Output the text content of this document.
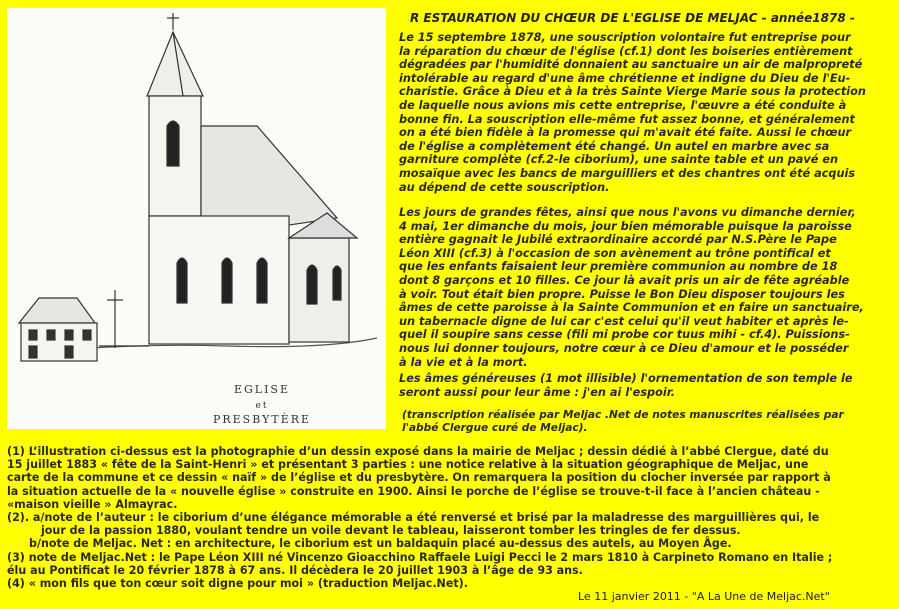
EGLISE
et
PRESBYTÈRE
R ESTAURATION DU CHŒUR DE L'EGLISE DE MELJAC - année1878 -
Le 15 septembre 1878, une souscription volontaire fut entreprise pour
la réparation du chœur de l'église (cf.1) dont les boiseries entièrement
dégradées par l'humidité donnaient au sanctuaire un air de malpropreté
intolérable au regard d'une âme chrétienne et indigne du Dieu de l'Eu-
charistie. Grâce à Dieu et à la très Sainte Vierge Marie sous la protection
de laquelle nous avions mis cette entreprise, l'œuvre a été conduite à
bonne fin. La souscription elle-même fut assez bonne, et généralement
on a été bien fidèle à la promesse qui m'avait été faite. Aussi le chœur
de l'église a complètement été changé. Un autel en marbre avec sa
garniture complète (cf.2-le ciborium), une sainte table et un pavé en
mosaïque avec les bancs de marguilliers et des chantres ont été acquis
au dépend de cette souscription.
Les jours de grandes fêtes, ainsi que nous l'avons vu dimanche dernier,
4 mai, 1er dimanche du mois, jour bien mémorable puisque la paroisse
entière gagnait le Jubilé extraordinaire accordé par N.S.Père le Pape
Léon XIII (cf.3) à l'occasion de son avènement au trône pontifical et
que les enfants faisaient leur première communion au nombre de 18
dont 8 garçons et 10 filles. Ce jour là avait pris un air de fête agréable
à voir. Tout était bien propre. Puisse le Bon Dieu disposer toujours les
âmes de cette paroisse à la Sainte Communion et en faire un sanctuaire,
un tabernacle digne de lui car c'est celui qu'il veut habiter et après le-
quel il soupire sans cesse (fili mi probe cor tuus mihi - cf.4). Puissions-
nous lui donner toujours, notre cœur à ce Dieu d'amour et le posséder
à la vie et à la mort.
Les âmes généreuses (1 mot illisible) l'ornementation de son temple le
seront aussi pour leur âme : j'en ai l'espoir.
(transcription réalisée par Meljac .Net de notes manuscrites réalisées par
l'abbé Clergue curé de Meljac).
(1) L’illustration ci-dessus est la photographie d’un dessin exposé dans la mairie de Meljac ; dessin dédié à l’abbé Clergue, daté du
15 juillet 1883 « fête de la Saint-Henri » et présentant 3 parties : une notice relative à la situation géographique de Meljac, une
carte de la commune et ce dessin « naïf » de l’église et du presbytère. On remarquera la position du clocher inversée par rapport à
la situation actuelle de la « nouvelle église » construite en 1900. Ainsi le porche de l’église se trouve-t-il face à l’ancien château -
«maison vieille » Almayrac.
(2). a/note de l’auteur : le ciborium d’une élégance mémorable a été renversé et brisé par la maladresse des marguillières qui, le
jour de la passion 1880, voulant tendre un voile devant le tableau, laisseront tomber les tringles de fer dessus.
b/note de Meljac. Net : en architecture, le ciborium est un baldaquin placé au-dessus des autels, au Moyen Âge.
(3) note de Meljac.Net : le Pape Léon XIII né Vincenzo Gioacchino Raffaele Luigi Pecci le 2 mars 1810 à Carpineto Romano en Italie ;
élu au Pontificat le 20 février 1878 à 67 ans. Il décèdera le 20 juillet 1903 à l’âge de 93 ans.
(4) « mon fils que ton cœur soit digne pour moi » (traduction Meljac.Net).
Le 11 janvier 2011 - "A La Une de Meljac.Net"
